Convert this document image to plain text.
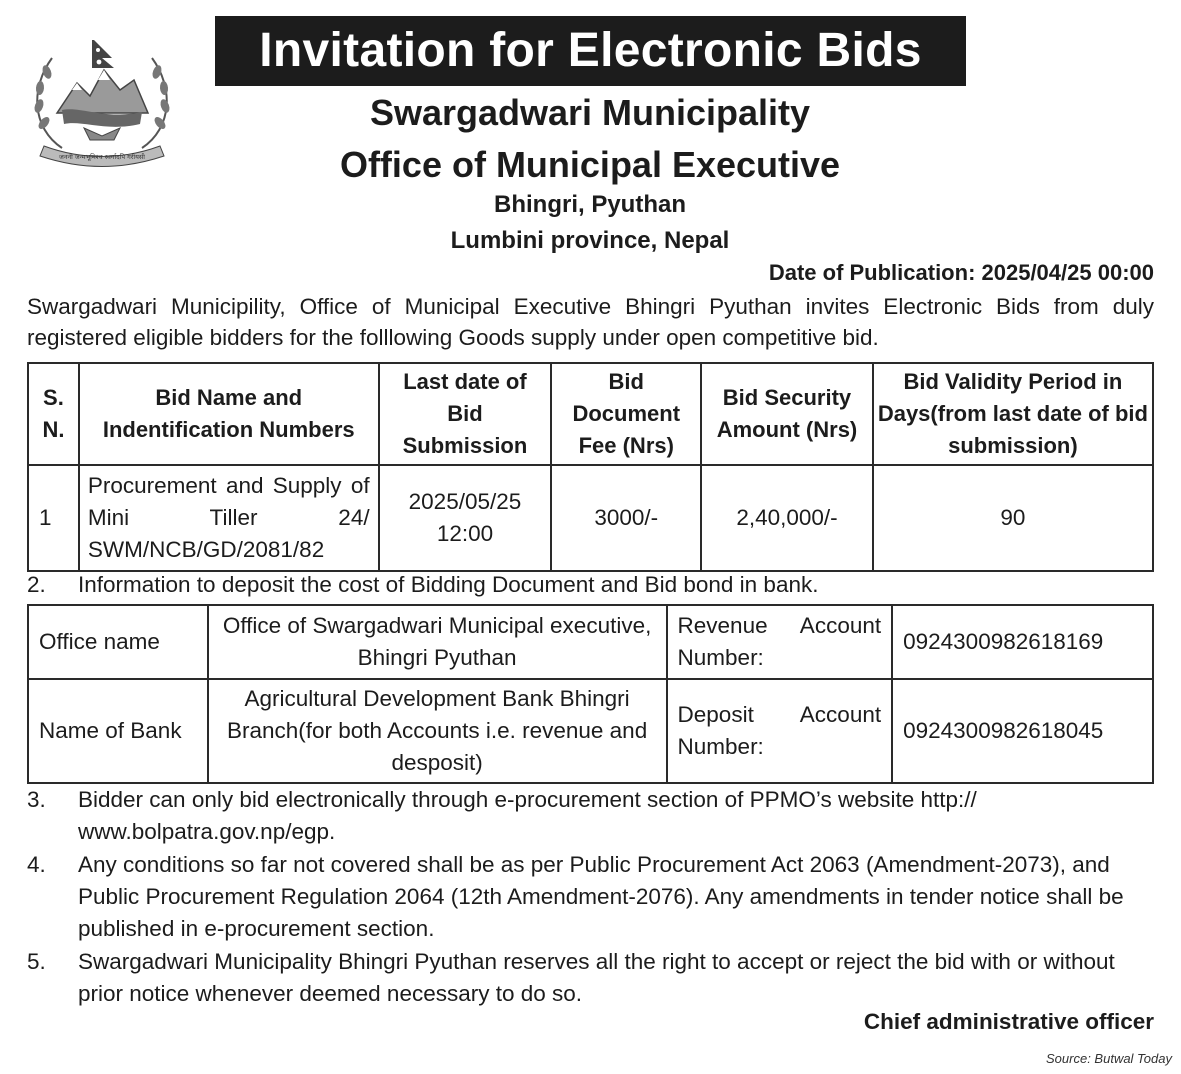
जननी जन्मभूमिश्च स्वर्गादपि गरीयसी
Invitation for Electronic Bids
Swargadwari Municipality
Office of Municipal Executive
Bhingri, Pyuthan
Lumbini province, Nepal
Date of Publication: 2025/04/25 00:00

Swargadwari Municipility, Office of Municipal Executive Bhingri Pyuthan invites Electronic Bids from duly registered eligible bidders for the folllowing Goods supply under open competitive bid.

S. N.	Bid Name and Indentification Numbers	Last date of Bid Submission	Bid Document Fee (Nrs)	Bid Security Amount (Nrs)	Bid Validity Period in Days(from last date of bid submission)
1	Procurement and Supply of Mini Tiller 24/ SWM/NCB/GD/2081/82	2025/05/25 12:00	3000/-	2,40,000/-	90
2. Information to deposit the cost of Bidding Document and Bid bond in bank.
Office name	Office of Swargadwari Municipal executive, Bhingri Pyuthan	Revenue Account Number:	0924300982618169
Name of Bank	Agricultural Development Bank Bhingri Branch(for both Accounts i.e. revenue and desposit)	Deposit Account Number:	0924300982618045
3. Bidder can only bid electronically through e-procurement section of PPMO’s website http:// www.bolpatra.gov.np/egp.
4. Any conditions so far not covered shall be as per Public Procurement Act 2063 (Amendment-2073), and Public Procurement Regulation 2064 (12th Amendment-2076). Any amendments in tender notice shall be published in e-procurement section.
5. Swargadwari Municipality Bhingri Pyuthan reserves all the right to accept or reject the bid with or without prior notice whenever deemed necessary to do so.
Chief administrative officer
Source: Butwal Today
